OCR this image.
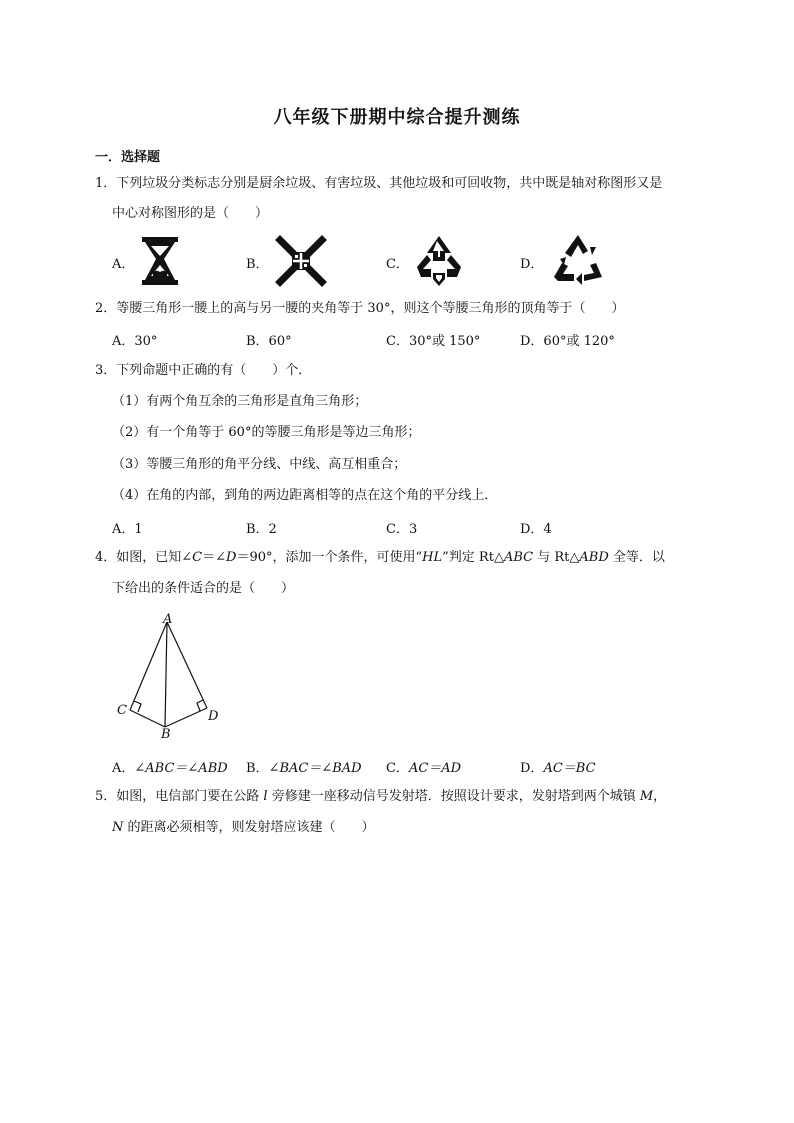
八年级下册期中综合提升测练
一．选择题
1．下列垃圾分类标志分别是厨余垃圾、有害垃圾、其他垃圾和可回收物，共中既是轴对称图形又是
中心对称图形的是（　　）
A．	B．	C．	D．
2．等腰三角形一腰上的高与另一腰的夹角等于 30°，则这个等腰三角形的顶角等于（　　）
A．30°	B．60°	C．30°或 150°	D．60°或 120°
3．下列命题中正确的有（　　）个．
（1）有两个角互余的三角形是直角三角形；
（2）有一个角等于 60°的等腰三角形是等边三角形；
（3）等腰三角形的角平分线、中线、高互相重合；
（4）在角的内部，到角的两边距离相等的点在这个角的平分线上．
A．1	B．2	C．3	D．4
4．如图，已知∠C＝∠D＝90°，添加一个条件，可使用“HL”判定 Rt△ABC 与 Rt△ABD 全等．以
下给出的条件适合的是（　　）
A
C	D
B
A．∠ABC＝∠ABD B．∠BAC＝∠BAD C．AC＝AD	D．AC＝BC
5．如图，电信部门要在公路 l 旁修建一座移动信号发射塔．按照设计要求，发射塔到两个城镇 M，
N 的距离必须相等，则发射塔应该建（　　）
